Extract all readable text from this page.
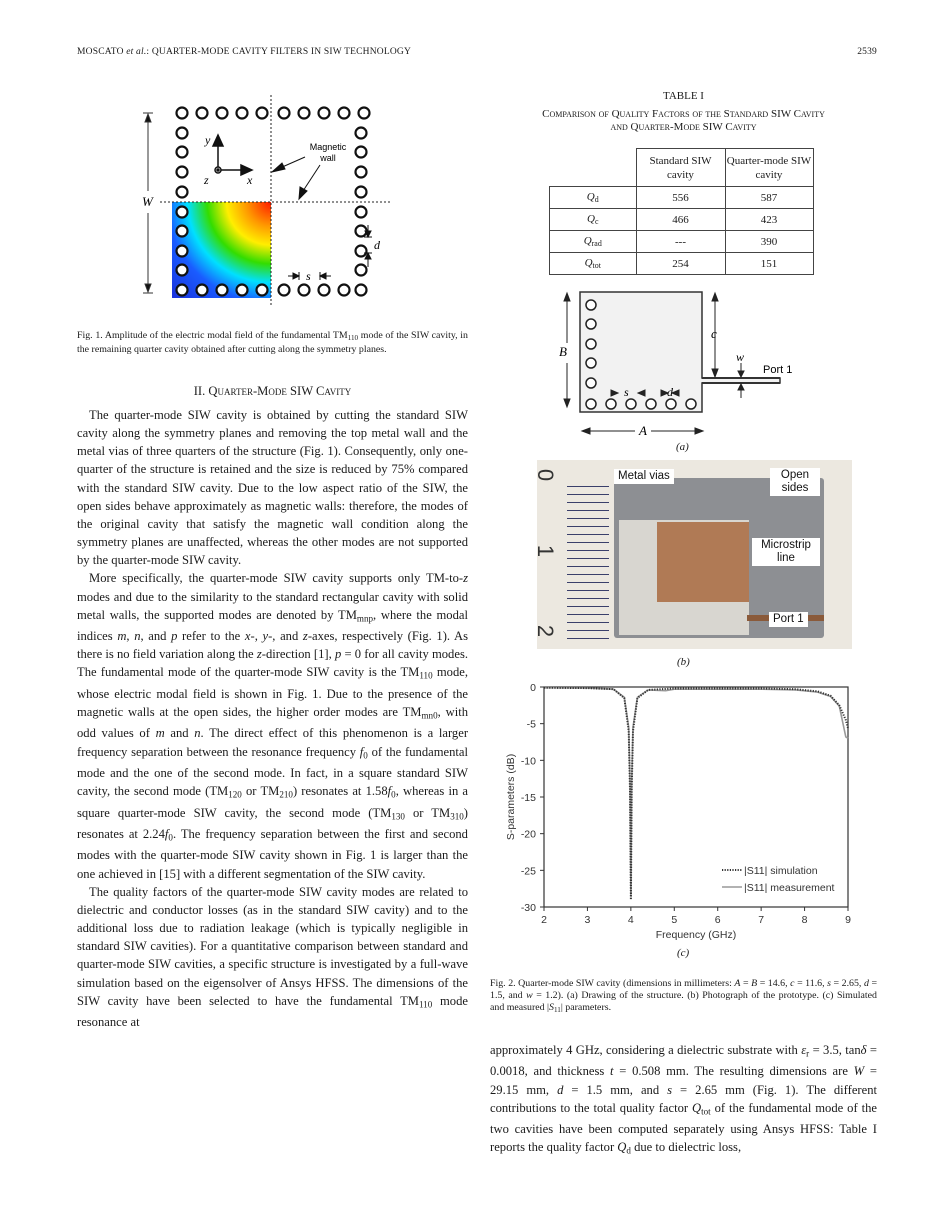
MOSCATO et al.: QUARTER-MODE CAVITY FILTERS IN SIW TECHNOLOGY	2539
W
y
x
z
Magnetic
wall
d
s
Fig. 1. Amplitude of the electric modal field of the fundamental $TM_{110}$ mode of the SIW cavity, in the remaining quarter cavity obtained after cutting along the symmetry planes.
II. Quarter-Mode SIW Cavity

The quarter-mode SIW cavity is obtained by cutting the standard SIW cavity along the symmetry planes and removing the top metal wall and the metal vias of three quarters of the structure (Fig. 1). Consequently, only one-quarter of the structure is retained and the size is reduced by 75% compared with the standard SIW cavity. Due to the low aspect ratio of the SIW, the open sides behave approximately as magnetic walls: therefore, the modes of the original cavity that satisfy the magnetic wall condition along the symmetry planes are unaffected, whereas the other modes are not supported by the quarter-mode SIW cavity.

More specifically, the quarter-mode SIW cavity supports only TM-to-z modes and due to the similarity to the standard rectangular cavity with solid metal walls, the supported modes are denoted by $TM_{mnp}$, where the modal indices m, n, and p refer to the x-, y-, and z-axes, respectively (Fig. 1). As there is no field variation along the z-direction [1], p = 0 for all cavity modes. The fundamental mode of the quarter-mode SIW cavity is the $TM_{110}$ mode, whose electric modal field is shown in Fig. 1. Due to the presence of the magnetic walls at the open sides, the higher order modes are $TM_{mn0}$, with odd values of m and n. The direct effect of this phenomenon is a larger frequency separation between the resonance frequency $f_0$ of the fundamental mode and the one of the second mode. In fact, in a square standard SIW cavity, the second mode ($TM_{120}$ or $TM_{210}$) resonates at $1.58f_0$, whereas in a square quarter-mode SIW cavity, the second mode ($TM_{130}$ or $TM_{310}$) resonates at $2.24f_0$. The frequency separation between the first and second modes with the quarter-mode SIW cavity shown in Fig. 1 is larger than the one achieved in [15] with a different segmentation of the SIW cavity.

The quality factors of the quarter-mode SIW cavity modes are related to dielectric and conductor losses (as in the standard SIW cavity) and to the additional loss due to radiation leakage (which is typically negligible in standard SIW cavities). For a quantitative comparison between standard and quarter-mode SIW cavities, a specific structure is investigated by a full-wave simulation based on the eigensolver of Ansys HFSS. The dimensions of the SIW cavity have been selected to have the fundamental $TM_{110}$ mode resonance at

TABLE I
Comparison of Quality Factors of the Standard SIW Cavity
and Quarter-Mode SIW Cavity
	Standard SIW cavity	Quarter-mode SIW cavity
$Q_d$	556	587
$Q_c$	466	423
$Q_{rad}$	---	390
$Q_{tot}$	254	151
B
c
w
Port 1
s	d
A
(a)
0
1
2
Metal vias	Open sides
Microstrip line
Port 1
(b)
2	3	4	5	6	7	8	9
0
-5
-10
-15
-20
-25
-30
Frequency (GHz)
S-parameters (dB)
|S11| simulation
|S11| measurement
(c)
Fig. 2. Quarter-mode SIW cavity (dimensions in millimeters: A = B = 14.6, c = 11.6, s = 2.65, d = 1.5, and w = 1.2). (a) Drawing of the structure. (b) Photograph of the prototype. (c) Simulated and measured $|S_{11}|$ parameters.

approximately 4 GHz, considering a dielectric substrate with $\varepsilon_r = 3.5$, tanδ = 0.0018, and thickness t = 0.508 mm. The resulting dimensions are W = 29.15 mm, d = 1.5 mm, and s = 2.65 mm (Fig. 1). The different contributions to the total quality factor $Q_{tot}$ of the fundamental mode of the two cavities have been computed separately using Ansys HFSS: Table I reports the quality factor $Q_d$ due to dielectric loss,
